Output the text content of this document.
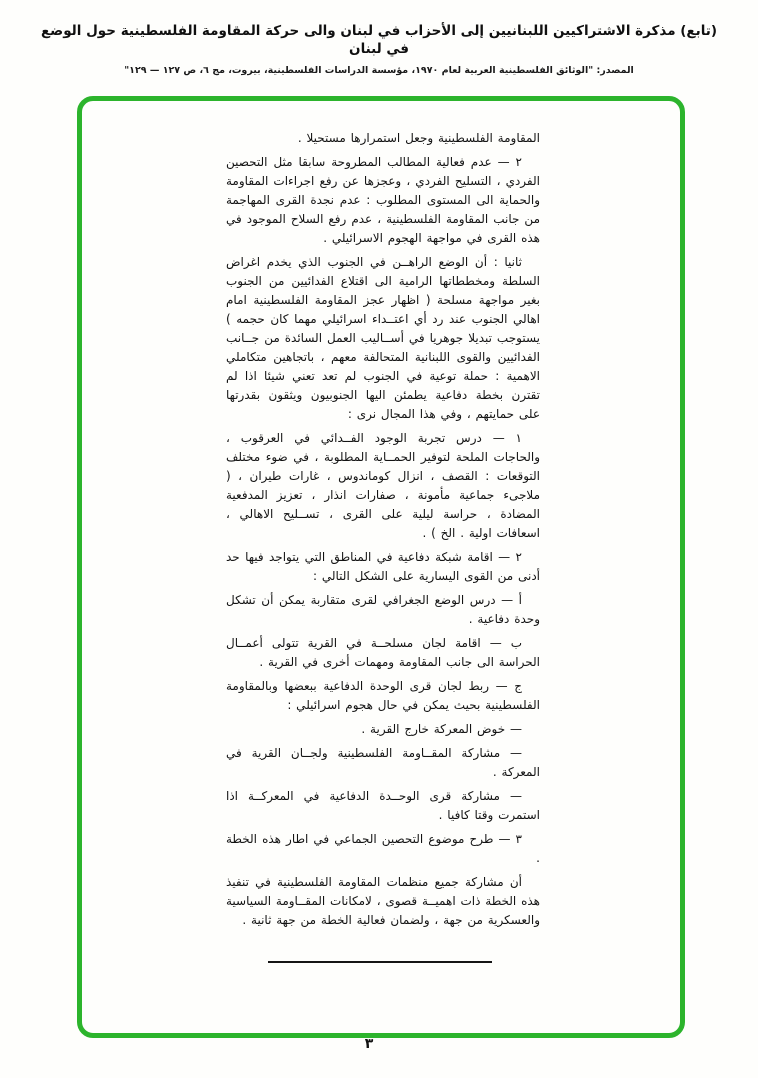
(تابع) مذكرة الاشتراكيين اللبنانيين إلى الأحزاب في لبنان والى حركة المقاومة الفلسطينية حول الوضع في لبنان
المصدر: "الوثائق الفلسطينية العربية لعام ١٩٧٠، مؤسسة الدراسات الفلسطينية، بيروت، مج ٦، ص ١٢٧ — ١٢٩"

المقاومة الفلسطينية وجعل استمرارها مستحيلا .

٢ — عدم فعالية المطالب المطروحة سابقا مثل التحصين الفردي ، التسليح الفردي ، وعجزها عن رفع اجراءات المقاومة والحماية الى المستوى المطلوب : عدم نجدة القرى المهاجمة من جانب المقاومة الفلسطينية ، عدم رفع السلاح الموجود في هذه القرى في مواجهة الهجوم الاسرائيلي .

ثانيا : أن الوضع الراهــن في الجنوب الذي يخدم اغراض السلطة ومخططاتها الرامية الى اقتلاع الفدائيين من الجنوب بغير مواجهة مسلحة ( اظهار عجز المقاومة الفلسطينية امام اهالي الجنوب عند رد أي اعتــداء اسرائيلي مهما كان حجمه ) يستوجب تبديلا جوهريا في أســاليب العمل السائدة من جــانب الفدائيين والقوى اللبنانية المتحالفة معهم ، باتجاهين متكاملي الاهمية : حملة توعية في الجنوب لم تعد تعني شيئا اذا لم تقترن بخطة دفاعية يطمئن اليها الجنوبيون ويثقون بقدرتها على حمايتهم ، وفي هذا المجال نرى :

١ — درس تجربة الوجود الفــدائي في العرقوب ، والحاجات الملحة لتوفير الحمــاية المطلوبة ، في ضوء مختلف التوقعات : القصف ، انزال كوماندوس ، غارات طيران ، ( ملاجىء جماعية مأمونة ، صفارات انذار ، تعزيز المدفعية المضادة ، حراسة ليلية على القرى ، تســليح الاهالي ، اسعافات اولية . الخ ) .

٢ — اقامة شبكة دفاعية في المناطق التي يتواجد فيها حد أدنى من القوى اليسارية على الشكل التالي :

أ — درس الوضع الجغرافي لقرى متقاربة يمكن أن تشكل وحدة دفاعية .

ب — اقامة لجان مسلحــة في القرية تتولى أعمــال الحراسة الى جانب المقاومة ومهمات أخرى في القرية .

ج — ربط لجان قرى الوحدة الدفاعية ببعضها وبالمقاومة الفلسطينية بحيث يمكن في حال هجوم اسرائيلي :

— خوض المعركة خارج القرية .

— مشاركة المقــاومة الفلسطينية ولجــان القرية في المعركة .

— مشاركة قرى الوحــدة الدفاعية في المعركــة اذا استمرت وقتا كافيا .

٣ — طرح موضوع التحصين الجماعي في اطار هذه الخطة .

أن مشاركة جميع منظمات المقاومة الفلسطينية في تنفيذ هذه الخطة ذات اهميــة قصوى ، لامكانات المقــاومة السياسية والعسكرية من جهة ، ولضمان فعالية الخطة من جهة ثانية .

٣
